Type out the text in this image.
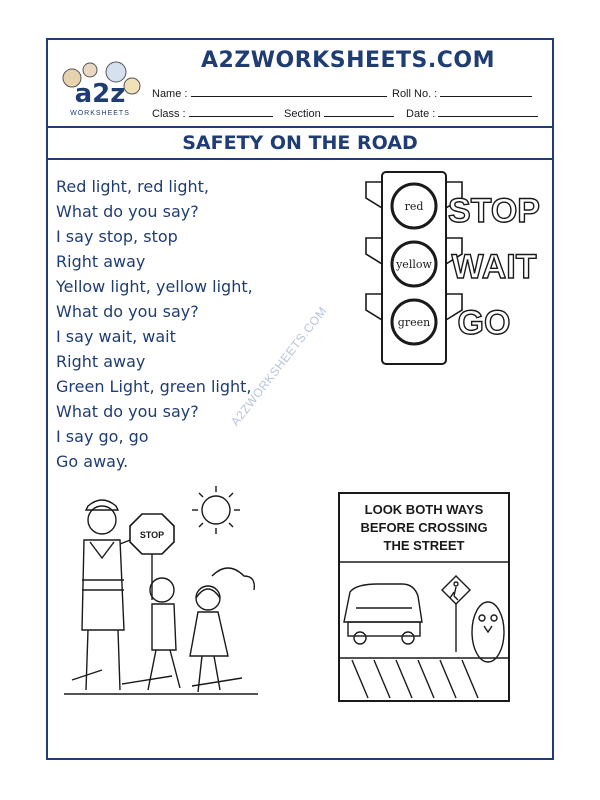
a2z
WORKSHEETS
A2ZWORKSHEETS.COM
Name :	Roll No. :
Class :	Section	Date :
SAFETY ON THE ROAD
Red light, red light,
What do you say?
I say stop, stop
Right away
Yellow light, yellow light,
What do you say?
I say wait, wait
Right away
Green Light, green light,
What do you say?
I say go, go
Go away.
A2ZWORKSHEETS.COM
red
yellow
green
STOP
WAIT
GO
STOP
LOOK BOTH WAYS
BEFORE CROSSING
THE STREET
